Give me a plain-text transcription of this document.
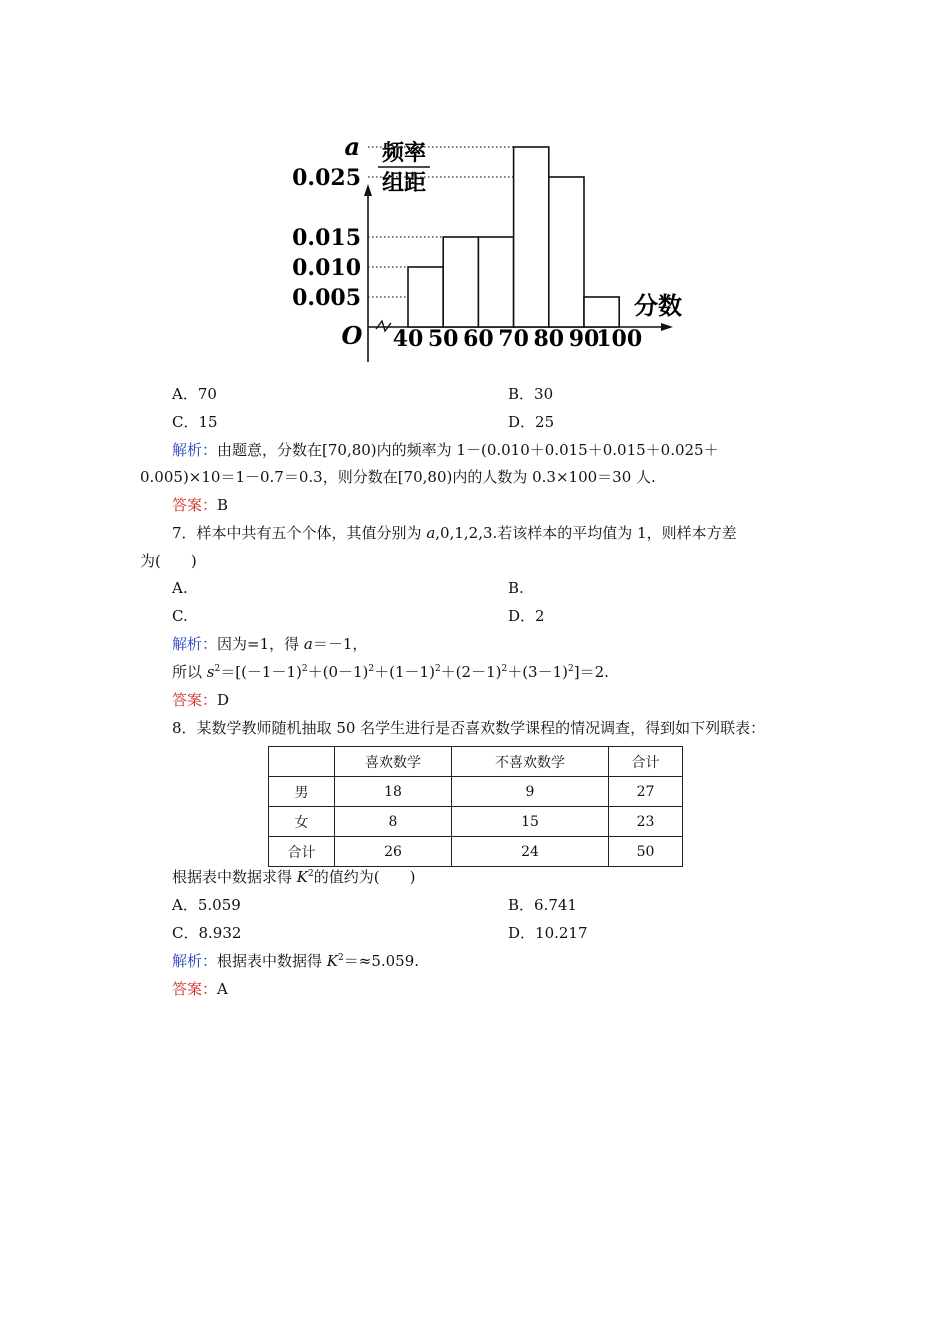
频率
组距
0.005
0.010
0.015
0.025
a
40 50 60 70 80 90
100
O
分数
A．70	B．30
C．15	D．25
解析：由题意，分数在[70,80)内的频率为 1－(0.010＋0.015＋0.015＋0.025＋
0.005)×10＝1－0.7＝0.3，则分数在[70,80)内的人数为 0.3×100＝30 人.
答案：B
7．样本中共有五个个体，其值分别为 a,0,1,2,3.若该样本的平均值为 1，则样本方差
为(　　)
A.	B.
C.	D．2
解析：因为=1，得 a＝－1，
所以 $s^2=[(-1-1)^2+(0-1)^2+(1-1)^2+(2-1)^2+(3-1)^2]=2$.
答案：D
8．某数学教师随机抽取 50 名学生进行是否喜欢数学课程的情况调查，得到如下列联表：
	喜欢数学	不喜欢数学	合计
男	18	9	27
女	8	15	23
合计	26	24	50
根据表中数据求得 $K^2$的值约为(　　)
A．5.059	B．6.741
C．8.932	D．10.217
解析：根据表中数据得 $K^2=\approx 5.059$.
答案：A
